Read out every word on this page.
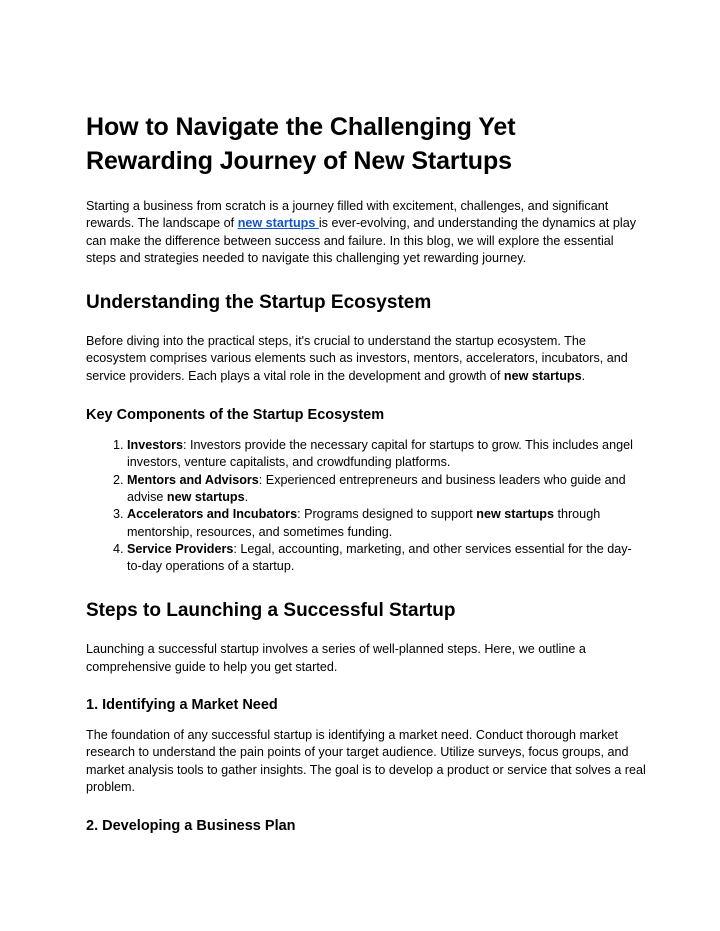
How to Navigate the Challenging Yet Rewarding Journey of New Startups

Starting a business from scratch is a journey filled with excitement, challenges, and significant rewards. The landscape of new startups is ever-evolving, and understanding the dynamics at play can make the difference between success and failure. In this blog, we will explore the essential steps and strategies needed to navigate this challenging yet rewarding journey.

Understanding the Startup Ecosystem

Before diving into the practical steps, it's crucial to understand the startup ecosystem. The ecosystem comprises various elements such as investors, mentors, accelerators, incubators, and service providers. Each plays a vital role in the development and growth of new startups.

Key Components of the Startup Ecosystem
1. Investors: Investors provide the necessary capital for startups to grow. This includes angel investors, venture capitalists, and crowdfunding platforms.
2. Mentors and Advisors: Experienced entrepreneurs and business leaders who guide and advise new startups.
3. Accelerators and Incubators: Programs designed to support new startups through mentorship, resources, and sometimes funding.
4. Service Providers: Legal, accounting, marketing, and other services essential for the day-to-day operations of a startup.
Steps to Launching a Successful Startup

Launching a successful startup involves a series of well-planned steps. Here, we outline a comprehensive guide to help you get started.

1. Identifying a Market Need

The foundation of any successful startup is identifying a market need. Conduct thorough market research to understand the pain points of your target audience. Utilize surveys, focus groups, and market analysis tools to gather insights. The goal is to develop a product or service that solves a real problem.

2. Developing a Business Plan
